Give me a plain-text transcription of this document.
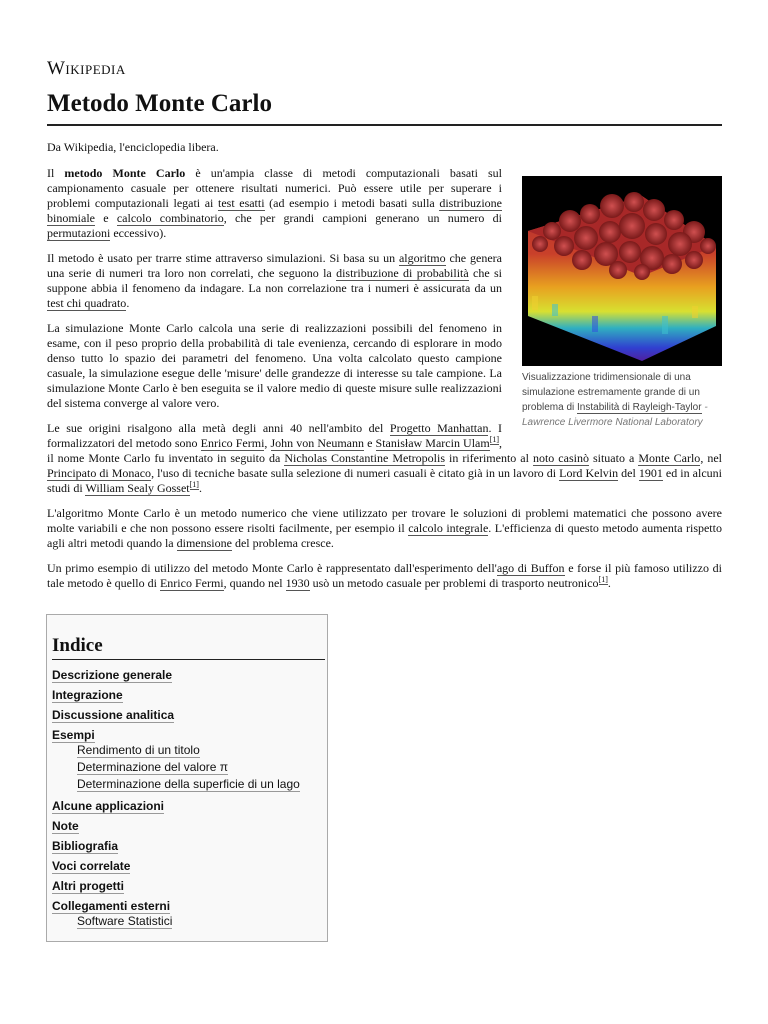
Wikipedia
Metodo Monte Carlo
Da Wikipedia, l'enciclopedia libera.
Visualizzazione tridimensionale di una simulazione estremamente grande di un problema di Instabilità di Rayleigh-Taylor - Lawrence Livermore National Laboratory

Il metodo Monte Carlo è un'ampia classe di metodi computazionali basati sul campionamento casuale per ottenere risultati numerici. Può essere utile per superare i problemi computazionali legati ai test esatti (ad esempio i metodi basati sulla distribuzione binomiale e calcolo combinatorio, che per grandi campioni generano un numero di permutazioni eccessivo).

Il metodo è usato per trarre stime attraverso simulazioni. Si basa su un algoritmo che genera una serie di numeri tra loro non correlati, che seguono la distribuzione di probabilità che si suppone abbia il fenomeno da indagare. La non correlazione tra i numeri è assicurata da un test chi quadrato.

La simulazione Monte Carlo calcola una serie di realizzazioni possibili del fenomeno in esame, con il peso proprio della probabilità di tale evenienza, cercando di esplorare in modo denso tutto lo spazio dei parametri del fenomeno. Una volta calcolato questo campione casuale, la simulazione esegue delle 'misure' delle grandezze di interesse su tale campione. La simulazione Monte Carlo è ben eseguita se il valore medio di queste misure sulle realizzazioni del sistema converge al valore vero.

Le sue origini risalgono alla metà degli anni 40 nell'ambito del Progetto Manhattan. I formalizzatori del metodo sono Enrico Fermi, John von Neumann e Stanisław Marcin Ulam[1], il nome Monte Carlo fu inventato in seguito da Nicholas Constantine Metropolis in riferimento al noto casinò situato a Monte Carlo, nel Principato di Monaco, l'uso di tecniche basate sulla selezione di numeri casuali è citato già in un lavoro di Lord Kelvin del 1901 ed in alcuni studi di William Sealy Gosset[1].

L'algoritmo Monte Carlo è un metodo numerico che viene utilizzato per trovare le soluzioni di problemi matematici che possono avere molte variabili e che non possono essere risolti facilmente, per esempio il calcolo integrale. L'efficienza di questo metodo aumenta rispetto agli altri metodi quando la dimensione del problema cresce.

Un primo esempio di utilizzo del metodo Monte Carlo è rappresentato dall'esperimento dell'ago di Buffon e forse il più famoso utilizzo di tale metodo è quello di Enrico Fermi, quando nel 1930 usò un metodo casuale per problemi di trasporto neutronico[1].

Indice
Descrizione generale
Integrazione
Discussione analitica
Esempi
Rendimento di un titolo
Determinazione del valore π
Determinazione della superficie di un lago
Alcune applicazioni
Note
Bibliografia
Voci correlate
Altri progetti
Collegamenti esterni
Software Statistici
